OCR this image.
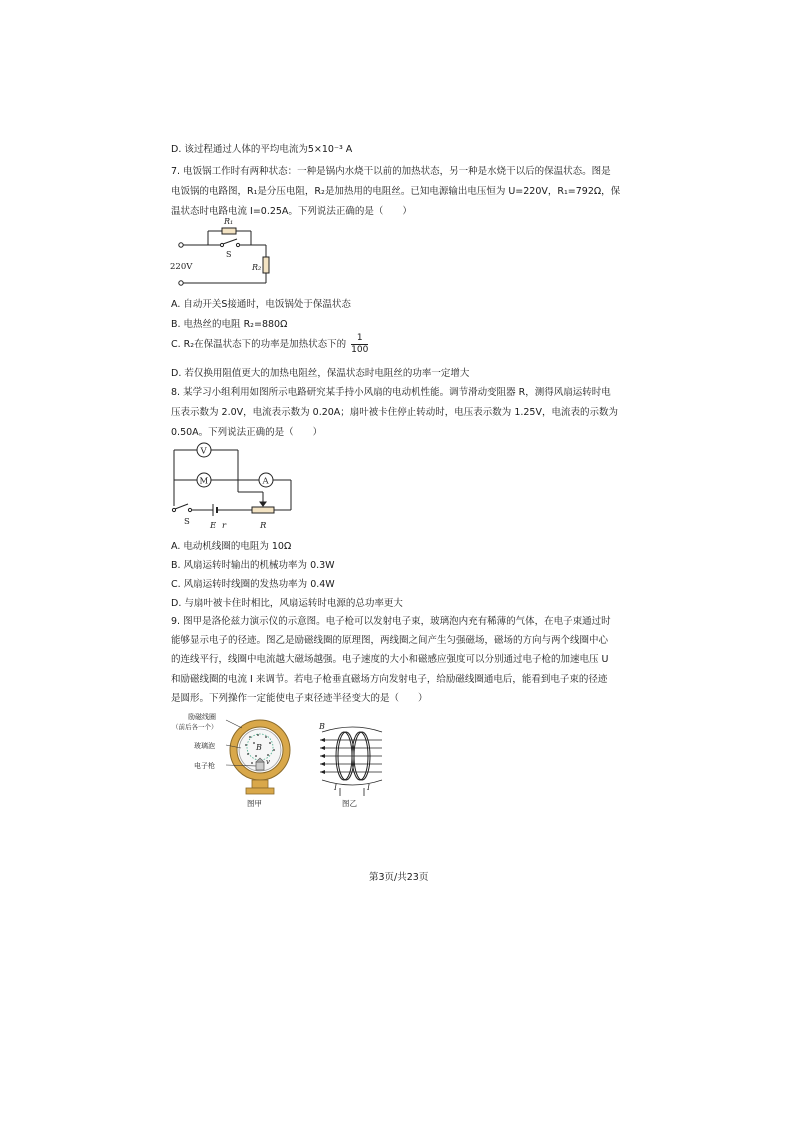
D. 该过程通过人体的平均电流为5×10⁻³ A

7. 电饭锅工作时有两种状态：一种是锅内水烧干以前的加热状态，另一种是水烧干以后的保温状态。图是

电饭锅的电路图，R₁是分压电阻，R₂是加热用的电阻丝。已知电源输出电压恒为 U=220V，R₁=792Ω，保

温状态时电路电流 I=0.25A。下列说法正确的是（　　）

R₁
S
R₂
220V
A. 自动开关S接通时，电饭锅处于保温状态
B. 电热丝的电阻 R₂=880Ω
C. R₂在保温状态下的功率是加热状态下的 $\frac{1}{100}$
D. 若仅换用阻值更大的加热电阻丝，保温状态时电阻丝的功率一定增大

8. 某学习小组利用如图所示电路研究某手持小风扇的电动机性能。调节滑动变阻器 R，测得风扇运转时电

压表示数为 2.0V，电流表示数为 0.20A；扇叶被卡住停止转动时，电压表示数为 1.25V，电流表的示数为

0.50A。下列说法正确的是（　　）

V
M	A
S E r	R
A. 电动机线圈的电阻为 10Ω
B. 风扇运转时输出的机械功率为 0.3W
C. 风扇运转时线圈的发热功率为 0.4W
D. 与扇叶被卡住时相比，风扇运转时电源的总功率更大

9. 图甲是洛伦兹力演示仪的示意图。电子枪可以发射电子束，玻璃泡内充有稀薄的气体，在电子束通过时

能够显示电子的径迹。图乙是励磁线圈的原理图，两线圈之间产生匀强磁场，磁场的方向与两个线圈中心

的连线平行，线圈中电流越大磁场越强。电子速度的大小和磁感应强度可以分别通过电子枪的加速电压 U

和励磁线圈的电流 I 来调节。若电子枪垂直磁场方向发射电子，给励磁线圈通电后，能看到电子束的径迹

是圆形。下列操作一定能使电子束径迹半径变大的是（　　）

励磁线圈
（前后各一个）
玻璃泡
电子枪
B
v
图甲
B
I	I
图乙
第3页/共23页
